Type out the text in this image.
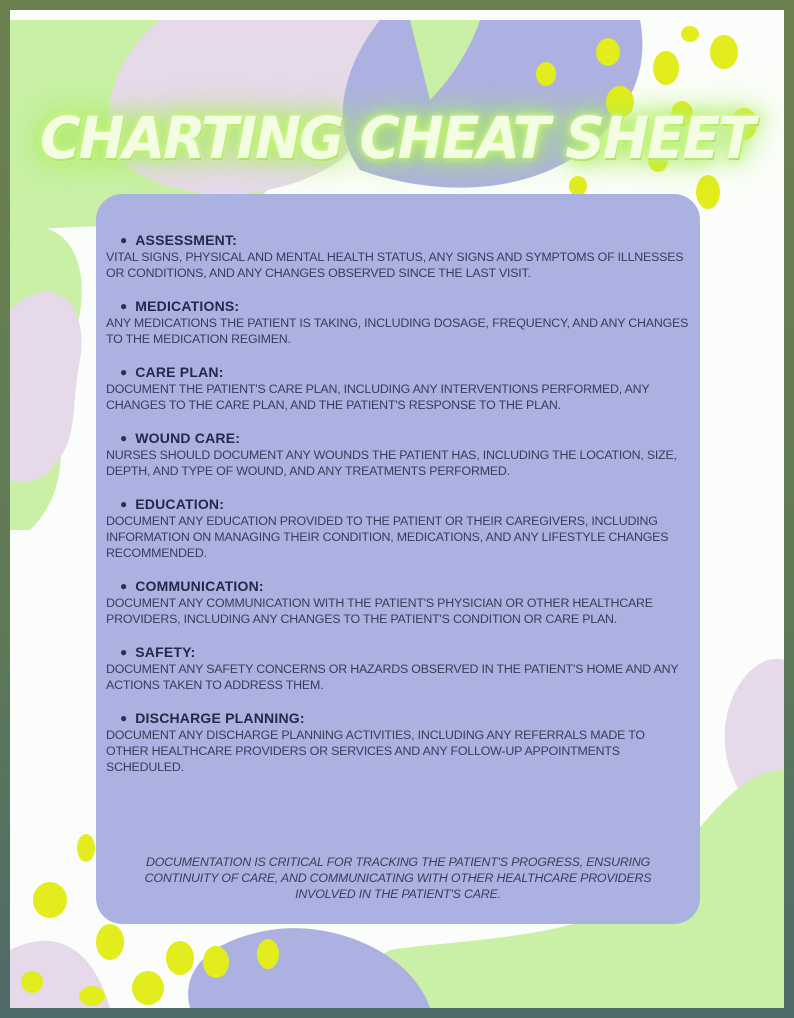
CHARTING CHEAT SHEET
● ASSESSMENT:
VITAL SIGNS, PHYSICAL AND MENTAL HEALTH STATUS, ANY SIGNS AND SYMPTOMS OF ILLNESSES OR CONDITIONS, AND ANY CHANGES OBSERVED SINCE THE LAST VISIT.
● MEDICATIONS:
ANY MEDICATIONS THE PATIENT IS TAKING, INCLUDING DOSAGE, FREQUENCY, AND ANY CHANGES TO THE MEDICATION REGIMEN.
● CARE PLAN:
DOCUMENT THE PATIENT'S CARE PLAN, INCLUDING ANY INTERVENTIONS PERFORMED, ANY CHANGES TO THE CARE PLAN, AND THE PATIENT'S RESPONSE TO THE PLAN.
● WOUND CARE:
NURSES SHOULD DOCUMENT ANY WOUNDS THE PATIENT HAS, INCLUDING THE LOCATION, SIZE, DEPTH, AND TYPE OF WOUND, AND ANY TREATMENTS PERFORMED.
● EDUCATION:
DOCUMENT ANY EDUCATION PROVIDED TO THE PATIENT OR THEIR CAREGIVERS, INCLUDING INFORMATION ON MANAGING THEIR CONDITION, MEDICATIONS, AND ANY LIFESTYLE CHANGES RECOMMENDED.
● COMMUNICATION:
DOCUMENT ANY COMMUNICATION WITH THE PATIENT'S PHYSICIAN OR OTHER HEALTHCARE PROVIDERS, INCLUDING ANY CHANGES TO THE PATIENT'S CONDITION OR CARE PLAN.
● SAFETY:
DOCUMENT ANY SAFETY CONCERNS OR HAZARDS OBSERVED IN THE PATIENT'S HOME AND ANY ACTIONS TAKEN TO ADDRESS THEM.
● DISCHARGE PLANNING:
DOCUMENT ANY DISCHARGE PLANNING ACTIVITIES, INCLUDING ANY REFERRALS MADE TO OTHER HEALTHCARE PROVIDERS OR SERVICES AND ANY FOLLOW-UP APPOINTMENTS SCHEDULED.
DOCUMENTATION IS CRITICAL FOR TRACKING THE PATIENT'S PROGRESS, ENSURING CONTINUITY OF CARE, AND COMMUNICATING WITH OTHER HEALTHCARE PROVIDERS INVOLVED IN THE PATIENT'S CARE.
